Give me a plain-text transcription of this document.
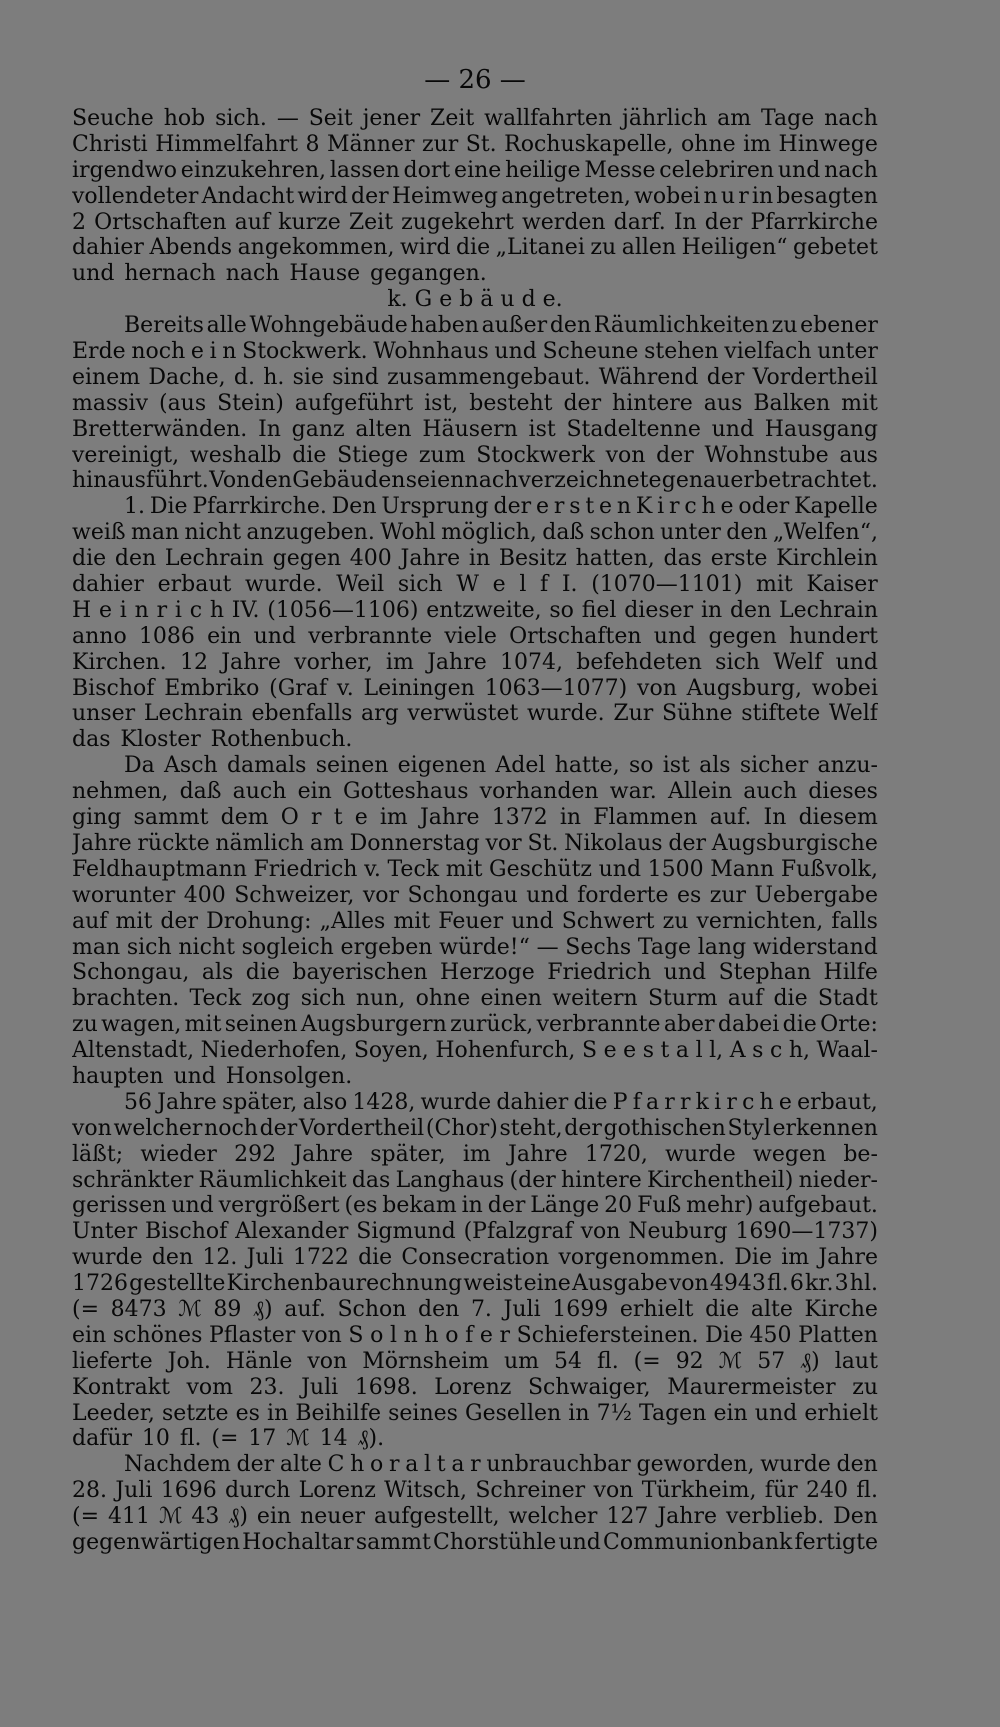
— 26 —
Seuche hob sich. — Seit jener Zeit wallfahrten jährlich am Tage nach
Christi Himmelfahrt 8 Männer zur St. Rochuskapelle, ohne im Hinwege
irgendwo einzukehren, lassen dort eine heilige Messe celebriren und nach
vollendeter Andacht wird der Heimweg angetreten, wobei n u r in besagten
2 Ortschaften auf kurze Zeit zugekehrt werden darf. In der Pfarrkirche
dahier Abends angekommen, wird die „Litanei zu allen Heiligen“ gebetet
und hernach nach Hause gegangen.
k. G e b ä u d e.
Bereits alle Wohngebäude haben außer den Räumlichkeiten zu ebener
Erde noch e i n Stockwerk. Wohnhaus und Scheune stehen vielfach unter
einem Dache, d. h. sie sind zusammengebaut. Während der Vordertheil
massiv (aus Stein) aufgeführt ist, besteht der hintere aus Balken mit
Bretterwänden. In ganz alten Häusern ist Stadeltenne und Hausgang
vereinigt, weshalb die Stiege zum Stockwerk von der Wohnstube aus
hinausführt. Von den Gebäuden seien nachverzeichnete genauer betrachtet.
1. Die Pfarrkirche. Den Ursprung der e r s t e n K i r c h e oder Kapelle
weiß man nicht anzugeben. Wohl möglich, daß schon unter den „Welfen“,
die den Lechrain gegen 400 Jahre in Besitz hatten, das erste Kirchlein
dahier erbaut wurde. Weil sich W e l f I. (1070—1101) mit Kaiser
H e i n r i c h IV. (1056—1106) entzweite, so fiel dieser in den Lechrain
anno 1086 ein und verbrannte viele Ortschaften und gegen hundert
Kirchen. 12 Jahre vorher, im Jahre 1074, befehdeten sich Welf und
Bischof Embriko (Graf v. Leiningen 1063—1077) von Augsburg, wobei
unser Lechrain ebenfalls arg verwüstet wurde. Zur Sühne stiftete Welf
das Kloster Rothenbuch.
Da Asch damals seinen eigenen Adel hatte, so ist als sicher anzu-
nehmen, daß auch ein Gotteshaus vorhanden war. Allein auch dieses
ging sammt dem O r t e im Jahre 1372 in Flammen auf. In diesem
Jahre rückte nämlich am Donnerstag vor St. Nikolaus der Augsburgische
Feldhauptmann Friedrich v. Teck mit Geschütz und 1500 Mann Fußvolk,
worunter 400 Schweizer, vor Schongau und forderte es zur Uebergabe
auf mit der Drohung: „Alles mit Feuer und Schwert zu vernichten, falls
man sich nicht sogleich ergeben würde!“ — Sechs Tage lang widerstand
Schongau, als die bayerischen Herzoge Friedrich und Stephan Hilfe
brachten. Teck zog sich nun, ohne einen weitern Sturm auf die Stadt
zu wagen, mit seinen Augsburgern zurück, verbrannte aber dabei die Orte:
Altenstadt, Niederhofen, Soyen, Hohenfurch, S e e s t a l l, A s c h, Waal-
haupten und Honsolgen.
56 Jahre später, also 1428, wurde dahier die P f a r r k i r c h e erbaut,
von welcher noch der Vordertheil (Chor) steht, der gothischen Styl erkennen
läßt; wieder 292 Jahre später, im Jahre 1720, wurde wegen be-
schränkter Räumlichkeit das Langhaus (der hintere Kirchentheil) nieder-
gerissen und vergrößert (es bekam in der Länge 20 Fuß mehr) aufgebaut.
Unter Bischof Alexander Sigmund (Pfalzgraf von Neuburg 1690—1737)
wurde den 12. Juli 1722 die Consecration vorgenommen. Die im Jahre
1726 gestellte Kirchenbaurechnung weist eine Ausgabe von 4943 fl. 6 kr. 3 hl.
(= 8473 ℳ 89 ₰) auf. Schon den 7. Juli 1699 erhielt die alte Kirche
ein schönes Pflaster von S o l n h o f e r Schiefersteinen. Die 450 Platten
lieferte Joh. Hänle von Mörnsheim um 54 fl. (= 92 ℳ 57 ₰) laut
Kontrakt vom 23. Juli 1698. Lorenz Schwaiger, Maurermeister zu
Leeder, setzte es in Beihilfe seines Gesellen in 7½ Tagen ein und erhielt
dafür 10 fl. (= 17 ℳ 14 ₰).
Nachdem der alte C h o r a l t a r unbrauchbar geworden, wurde den
28. Juli 1696 durch Lorenz Witsch, Schreiner von Türkheim, für 240 fl.
(= 411 ℳ 43 ₰) ein neuer aufgestellt, welcher 127 Jahre verblieb. Den
gegenwärtigen Hochaltar sammt Chorstühle und Communionbank fertigte
